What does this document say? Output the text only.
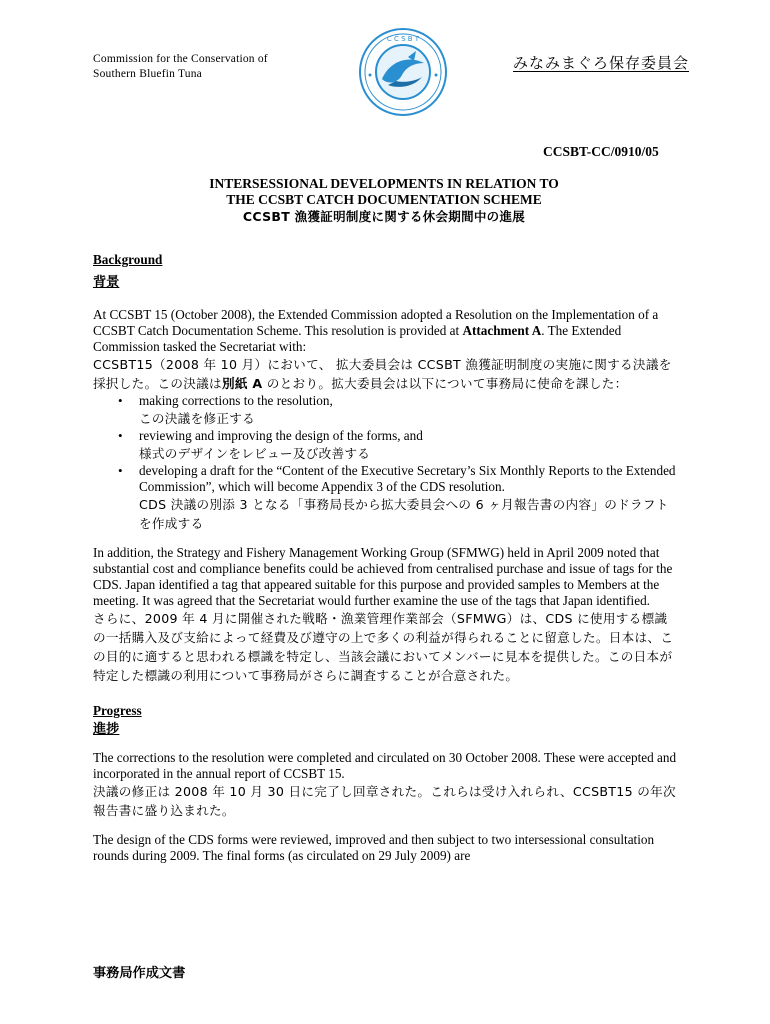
Commission for the Conservation of
Southern Bluefin Tuna
C C S B T
みなみまぐろ保存委員会
CCSBT-CC/0910/05
INTERSESSIONAL DEVELOPMENTS IN RELATION TO
THE CCSBT CATCH DOCUMENTATION SCHEME
CCSBT 漁獲証明制度に関する休会期間中の進展
Background
背景

At CCSBT 15 (October 2008), the Extended Commission adopted a Resolution on the Implementation of a CCSBT Catch Documentation Scheme. This resolution is provided at Attachment A. The Extended Commission tasked the Secretariat with:

CCSBT15（2008 年 10 月）において、 拡大委員会は CCSBT 漁獲証明制度の実施に関する決議を採択した。この決議は別紙 A のとおり。拡大委員会は以下について事務局に使命を課した：

• making corrections to the resolution,

この決議を修正する

• reviewing and improving the design of the forms, and

様式のデザインをレビュー及び改善する

• developing a draft for the “Content of the Executive Secretary’s Six Monthly Reports to the Extended Commission”, which will become Appendix 3 of the CDS resolution.

CDS 決議の別添 3 となる「事務局長から拡大委員会への 6 ヶ月報告書の内容」のドラフトを作成する

In addition, the Strategy and Fishery Management Working Group (SFMWG) held in April 2009 noted that substantial cost and compliance benefits could be achieved from centralised purchase and issue of tags for the CDS. Japan identified a tag that appeared suitable for this purpose and provided samples to Members at the meeting. It was agreed that the Secretariat would further examine the use of the tags that Japan identified.

さらに、2009 年 4 月に開催された戦略・漁業管理作業部会（SFMWG）は、CDS に使用する標識の一括購入及び支給によって経費及び遵守の上で多くの利益が得られることに留意した。日本は、この目的に適すると思われる標識を特定し、当該会議においてメンバーに見本を提供した。この日本が特定した標識の利用について事務局がさらに調査することが合意された。

Progress
進捗

The corrections to the resolution were completed and circulated on 30 October 2008. These were accepted and incorporated in the annual report of CCSBT 15.

決議の修正は 2008 年 10 月 30 日に完了し回章された。これらは受け入れられ、CCSBT15 の年次報告書に盛り込まれた。

The design of the CDS forms were reviewed, improved and then subject to two intersessional consultation rounds during 2009. The final forms (as circulated on 29 July 2009) are

事務局作成文書
